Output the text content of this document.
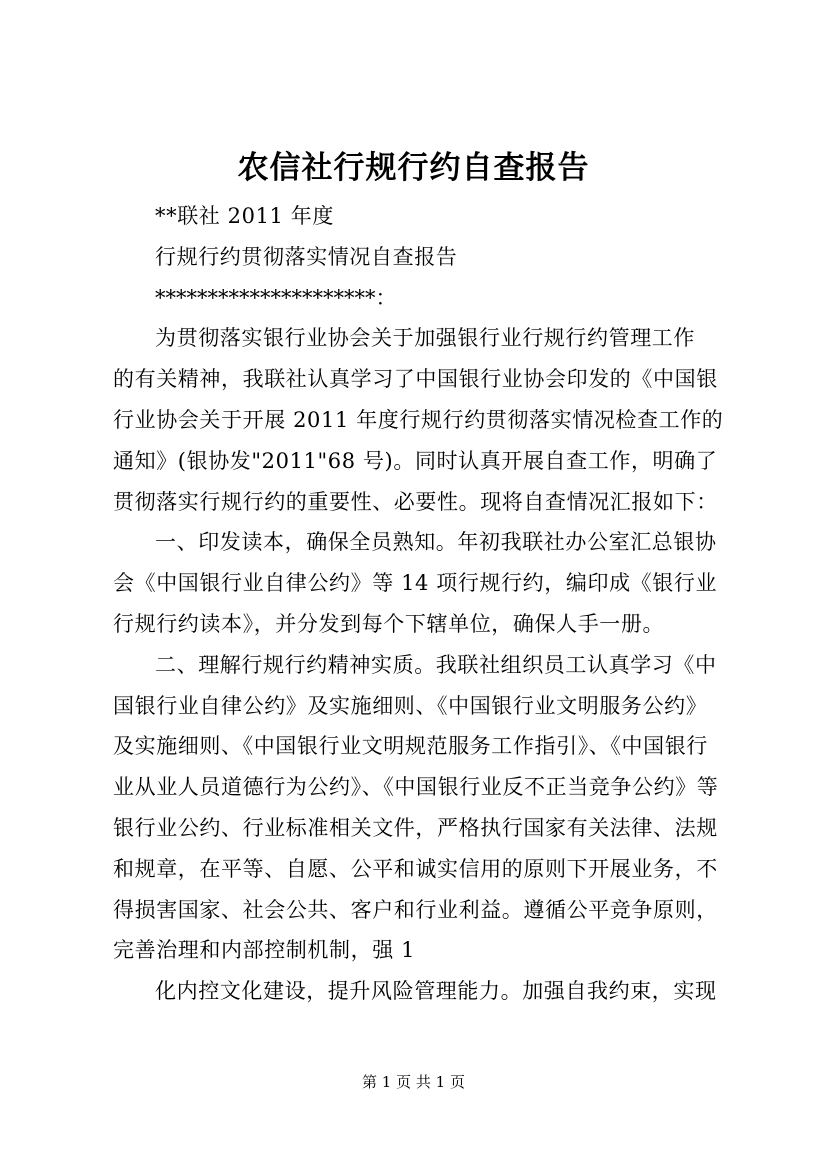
农信社行规行约自查报告

**联社 2011 年度

行规行约贯彻落实情况自查报告

*********************：

为贯彻落实银行业协会关于加强银行业行规行约管理工作
的有关精神，我联社认真学习了中国银行业协会印发的《中国银
行业协会关于开展 2011 年度行规行约贯彻落实情况检查工作的
通知》(银协发"2011"68 号)。同时认真开展自查工作，明确了
贯彻落实行规行约的重要性、必要性。现将自查情况汇报如下：

一、印发读本，确保全员熟知。年初我联社办公室汇总银协
会《中国银行业自律公约》等 14 项行规行约，编印成《银行业
行规行约读本》，并分发到每个下辖单位，确保人手一册。

二、理解行规行约精神实质。我联社组织员工认真学习《中
国银行业自律公约》及实施细则、《中国银行业文明服务公约》
及实施细则、《中国银行业文明规范服务工作指引》、《中国银行
业从业人员道德行为公约》、《中国银行业反不正当竞争公约》等
银行业公约、行业标准相关文件，严格执行国家有关法律、法规
和规章，在平等、自愿、公平和诚实信用的原则下开展业务，不
得损害国家、社会公共、客户和行业利益。遵循公平竞争原则，
完善治理和内部控制机制，强 1

化内控文化建设，提升风险管理能力。加强自我约束，实现

第 1 页 共 1 页
